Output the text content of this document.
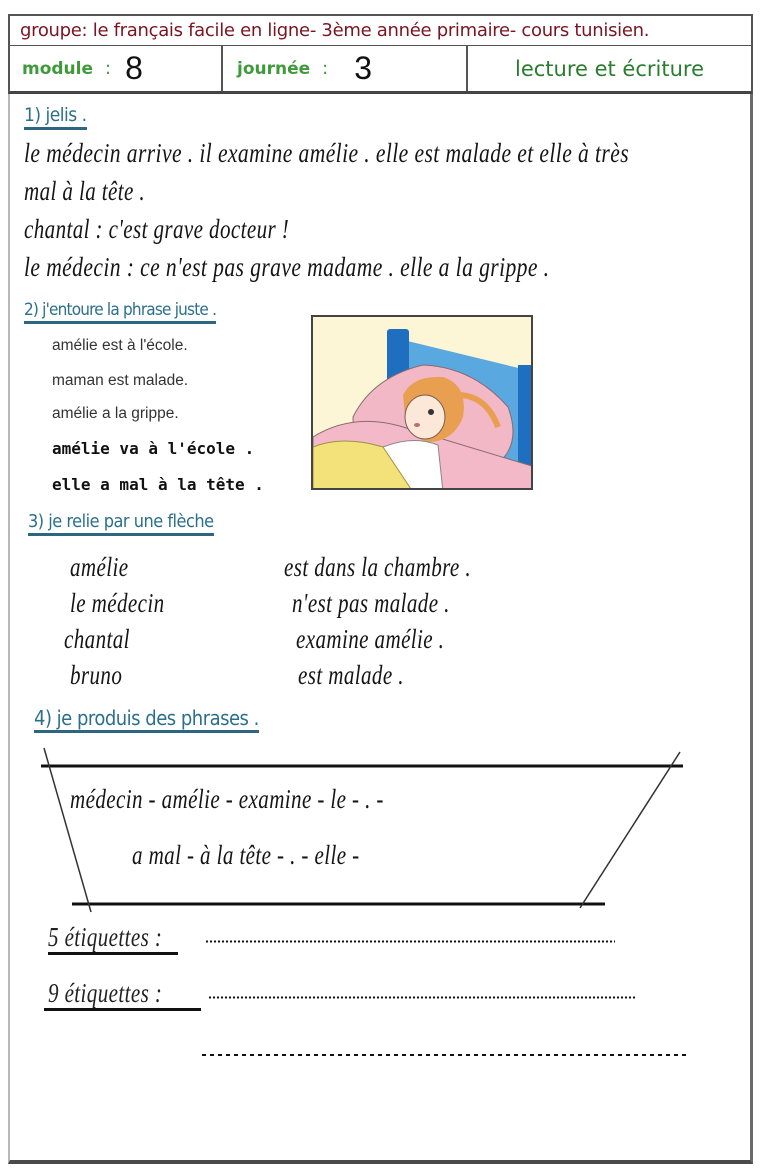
groupe: le français facile en ligne- 3ème année primaire- cours tunisien.
module : 8	journée : 3	lecture et écriture
1) jelis .
le médecin arrive . il examine amélie . elle est malade et elle à très
mal à la tête .
chantal : c'est grave docteur !
le médecin : ce n'est pas grave madame . elle a la grippe .
2) j'entoure la phrase juste .
amélie est à l'école.
maman est malade.
amélie a la grippe.
amélie va à l'école .
elle a mal à la tête .
3) je relie par une flèche
amélie
le médecin
chantal
bruno
est dans la chambre .
n'est pas malade .
examine amélie .
est malade .
4) je produis des phrases .
médecin - amélie - examine - le - . -
a mal - à la tête - . - elle -
5 étiquettes :
9 étiquettes :
